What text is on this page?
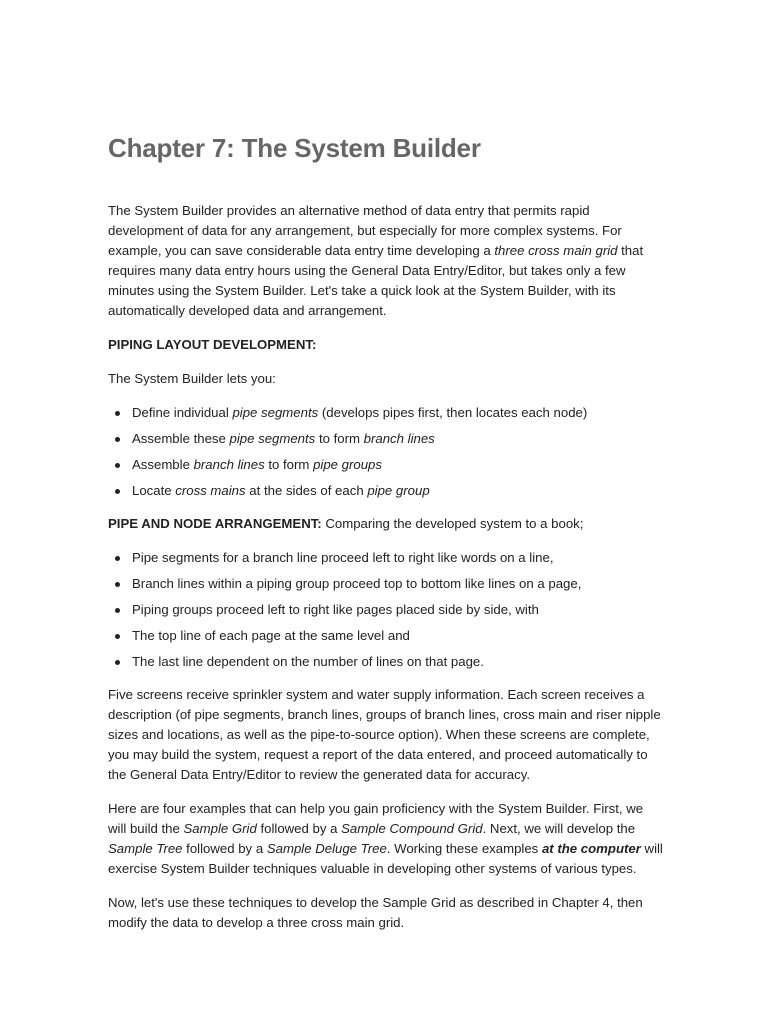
Chapter 7: The System Builder

The System Builder provides an alternative method of data entry that permits rapid development of data for any arrangement, but especially for more complex systems. For example, you can save considerable data entry time developing a three cross main grid that requires many data entry hours using the General Data Entry/Editor, but takes only a few minutes using the System Builder. Let's take a quick look at the System Builder, with its automatically developed data and arrangement.

PIPING LAYOUT DEVELOPMENT:

The System Builder lets you:

Define individual pipe segments (develops pipes first, then locates each node)
Assemble these pipe segments to form branch lines
Assemble branch lines to form pipe groups
Locate cross mains at the sides of each pipe group

PIPE AND NODE ARRANGEMENT: Comparing the developed system to a book;

Pipe segments for a branch line proceed left to right like words on a line,
Branch lines within a piping group proceed top to bottom like lines on a page,
Piping groups proceed left to right like pages placed side by side, with
The top line of each page at the same level and
The last line dependent on the number of lines on that page.

Five screens receive sprinkler system and water supply information. Each screen receives a description (of pipe segments, branch lines, groups of branch lines, cross main and riser nipple sizes and locations, as well as the pipe-to-source option). When these screens are complete, you may build the system, request a report of the data entered, and proceed automatically to the General Data Entry/Editor to review the generated data for accuracy.

Here are four examples that can help you gain proficiency with the System Builder. First, we will build the Sample Grid followed by a Sample Compound Grid. Next, we will develop the Sample Tree followed by a Sample Deluge Tree. Working these examples at the computer will exercise System Builder techniques valuable in developing other systems of various types.

Now, let's use these techniques to develop the Sample Grid as described in Chapter 4, then modify the data to develop a three cross main grid.
